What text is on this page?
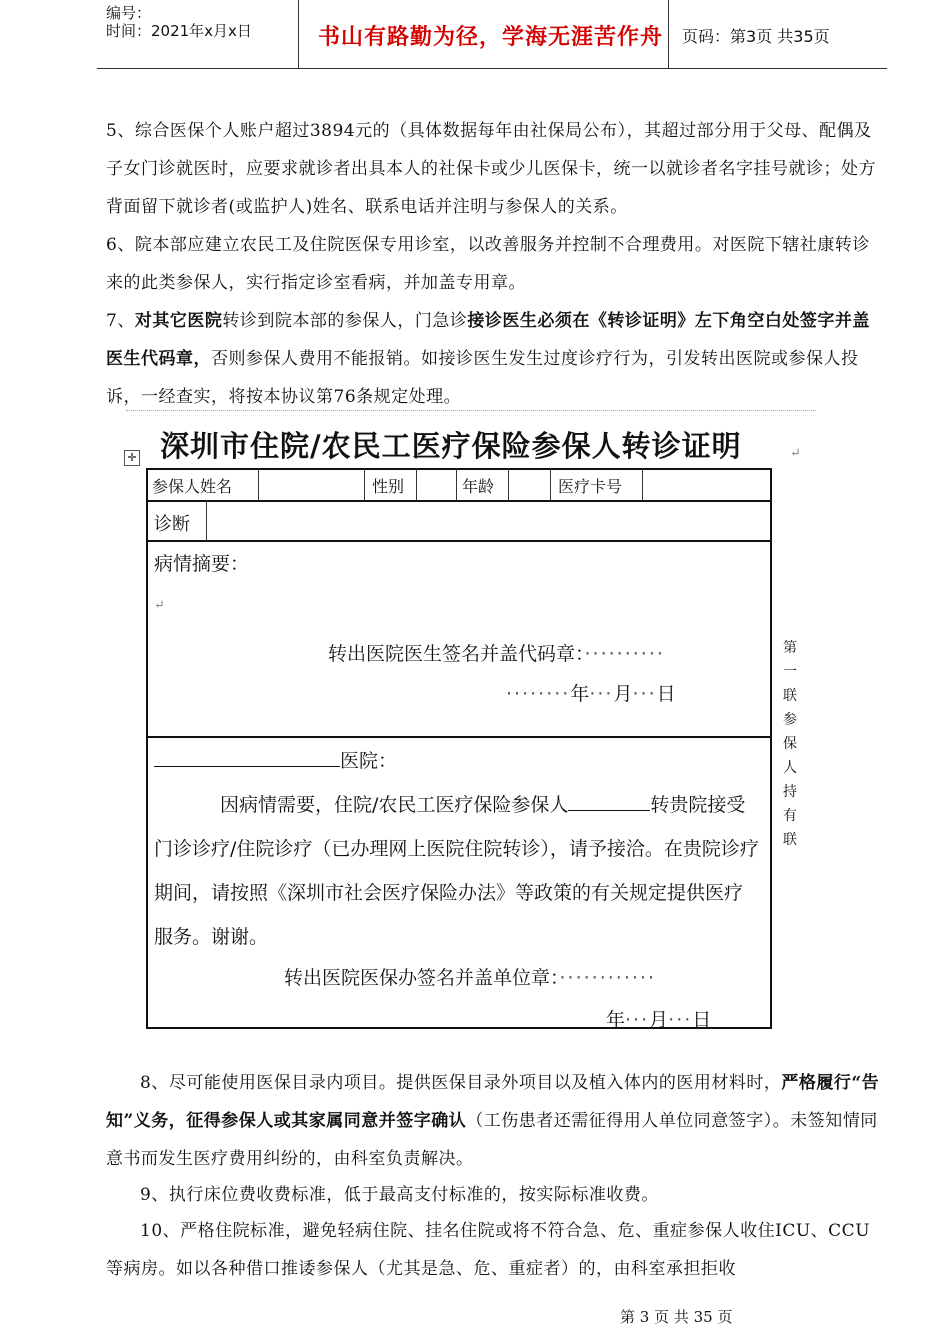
编号：
时间：2021年x月x日	书山有路勤为径，学海无涯苦作舟 页码：第3页 共35页
5、综合医保个人账户超过3894元的（具体数据每年由社保局公布），其超过部分用于父母、配偶及子女门诊就医时，应要求就诊者出具本人的社保卡或少儿医保卡，统一以就诊者名字挂号就诊；处方背面留下就诊者(或监护人)姓名、联系电话并注明与参保人的关系。
6、院本部应建立农民工及住院医保专用诊室，以改善服务并控制不合理费用。对医院下辖社康转诊来的此类参保人，实行指定诊室看病，并加盖专用章。
7、对其它医院转诊到院本部的参保人，门急诊接诊医生必须在《转诊证明》左下角空白处签字并盖医生代码章，否则参保人费用不能报销。如接诊医生发生过度诊疗行为，引发转出医院或参保人投诉，一经查实，将按本协议第76条规定处理。
✛ 深圳市住院/农民工医疗保险参保人转诊证明	↵
参保人姓名	性别	年龄	医疗卡号
诊断
病情摘要：
↵
转出医院医生签名并盖代码章：··········
········年···月···日
医院：
因病情需要，住院/农民工医疗保险参保人	转贵院接受门诊诊疗/住院诊疗（已办理网上医院住院转诊），请予接洽。在贵院诊疗期间，请按照《深圳市社会医疗保险办法》等政策的有关规定提供医疗服务。谢谢。
转出医院医保办签名并盖单位章：············
年···月···日
第一联参保人持有联
8、尽可能使用医保目录内项目。提供医保目录外项目以及植入体内的医用材料时，严格履行“告知”义务，征得参保人或其家属同意并签字确认（工伤患者还需征得用人单位同意签字）。未签知情同意书而发生医疗费用纠纷的，由科室负责解决。
9、执行床位费收费标准，低于最高支付标准的，按实际标准收费。
10、严格住院标准，避免轻病住院、挂名住院或将不符合急、危、重症参保人收住ICU、CCU等病房。如以各种借口推诿参保人（尤其是急、危、重症者）的，由科室承担拒收
第 3 页 共 35 页
